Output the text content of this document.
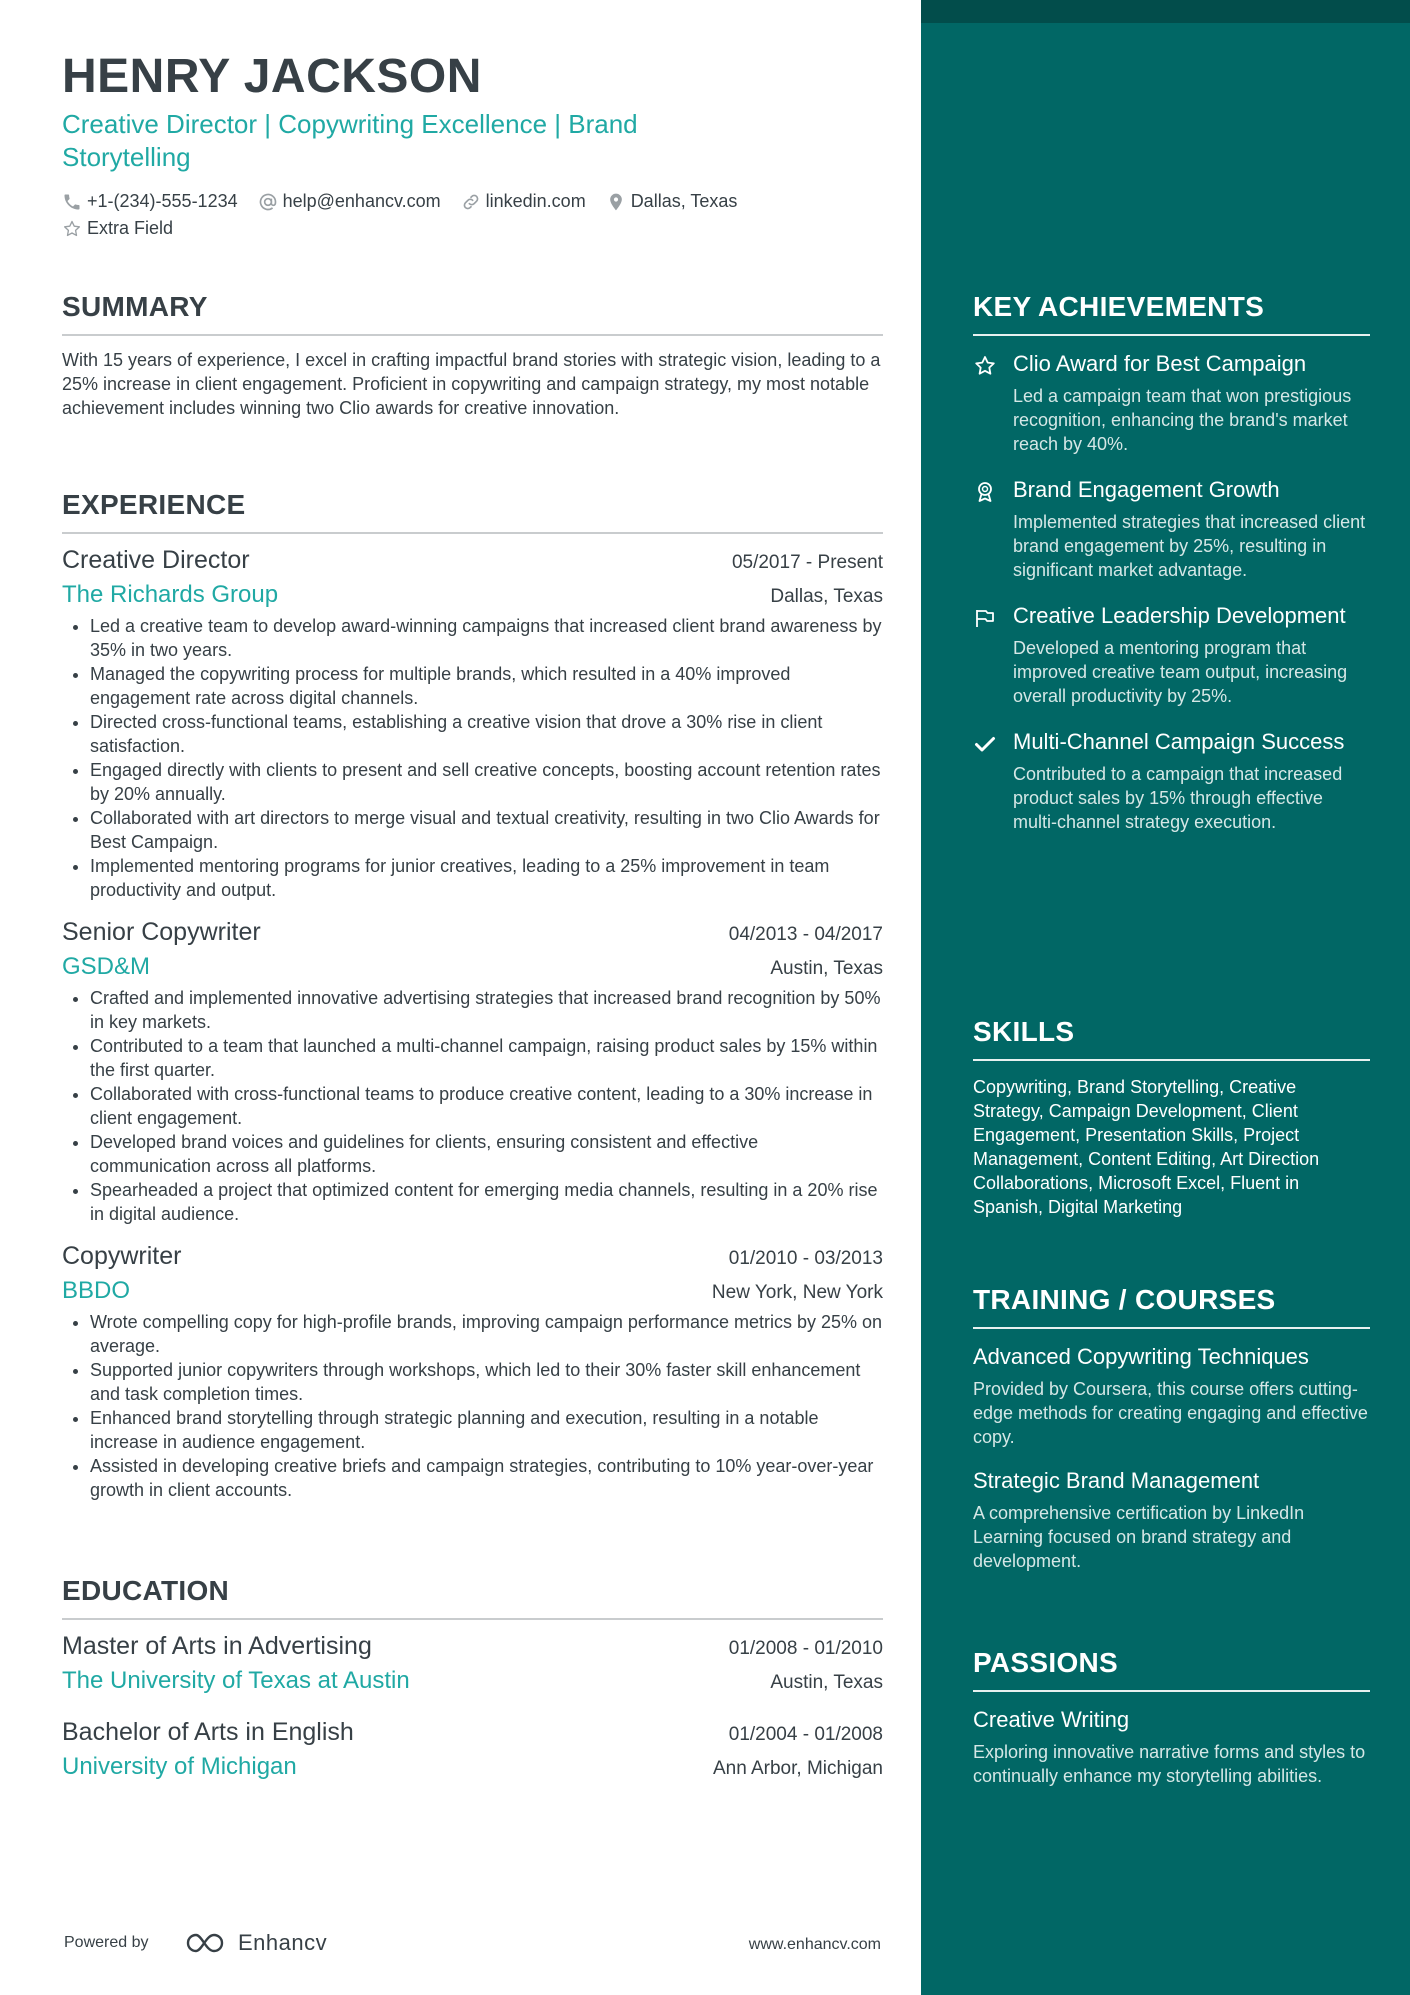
HENRY JACKSON
Creative Director | Copywriting Excellence | Brand Storytelling
+1-(234)-555-1234	help@enhancv.com	linkedin.com	Dallas, Texas
Extra Field
SUMMARY
With 15 years of experience, I excel in crafting impactful brand stories with strategic vision, leading to a 25% increase in client engagement. Proficient in copywriting and campaign strategy, my most notable achievement includes winning two Clio awards for creative innovation.
EXPERIENCE
Creative Director	05/2017 - Present
The Richards Group	Dallas, Texas
• Led a creative team to develop award-winning campaigns that increased client brand awareness by 35% in two years.
• Managed the copywriting process for multiple brands, which resulted in a 40% improved engagement rate across digital channels.
• Directed cross-functional teams, establishing a creative vision that drove a 30% rise in client satisfaction.
• Engaged directly with clients to present and sell creative concepts, boosting account retention rates by 20% annually.
• Collaborated with art directors to merge visual and textual creativity, resulting in two Clio Awards for Best Campaign.
• Implemented mentoring programs for junior creatives, leading to a 25% improvement in team productivity and output.
Senior Copywriter	04/2013 - 04/2017
GSD&M	Austin, Texas
• Crafted and implemented innovative advertising strategies that increased brand recognition by 50% in key markets.
• Contributed to a team that launched a multi-channel campaign, raising product sales by 15% within the first quarter.
• Collaborated with cross-functional teams to produce creative content, leading to a 30% increase in client engagement.
• Developed brand voices and guidelines for clients, ensuring consistent and effective communication across all platforms.
• Spearheaded a project that optimized content for emerging media channels, resulting in a 20% rise in digital audience.
Copywriter	01/2010 - 03/2013
BBDO	New York, New York
• Wrote compelling copy for high-profile brands, improving campaign performance metrics by 25% on average.
• Supported junior copywriters through workshops, which led to their 30% faster skill enhancement and task completion times.
• Enhanced brand storytelling through strategic planning and execution, resulting in a notable increase in audience engagement.
• Assisted in developing creative briefs and campaign strategies, contributing to 10% year-over-year growth in client accounts.
EDUCATION
Master of Arts in Advertising	01/2008 - 01/2010
The University of Texas at Austin	Austin, Texas
Bachelor of Arts in English	01/2004 - 01/2008
University of Michigan	Ann Arbor, Michigan
Powered by	Enhancv	www.enhancv.com
KEY ACHIEVEMENTS
Clio Award for Best Campaign
Led a campaign team that won prestigious recognition, enhancing the brand's market reach by 40%.
Brand Engagement Growth
Implemented strategies that increased client brand engagement by 25%, resulting in significant market advantage.
Creative Leadership Development
Developed a mentoring program that improved creative team output, increasing overall productivity by 25%.
Multi-Channel Campaign Success
Contributed to a campaign that increased product sales by 15% through effective multi-channel strategy execution.
SKILLS
Copywriting, Brand Storytelling, Creative Strategy, Campaign Development, Client Engagement, Presentation Skills, Project Management, Content Editing, Art Direction Collaborations, Microsoft Excel, Fluent in Spanish, Digital Marketing
TRAINING / COURSES
Advanced Copywriting Techniques
Provided by Coursera, this course offers cutting-edge methods for creating engaging and effective copy.
Strategic Brand Management
A comprehensive certification by LinkedIn Learning focused on brand strategy and development.
PASSIONS
Creative Writing
Exploring innovative narrative forms and styles to continually enhance my storytelling abilities.
